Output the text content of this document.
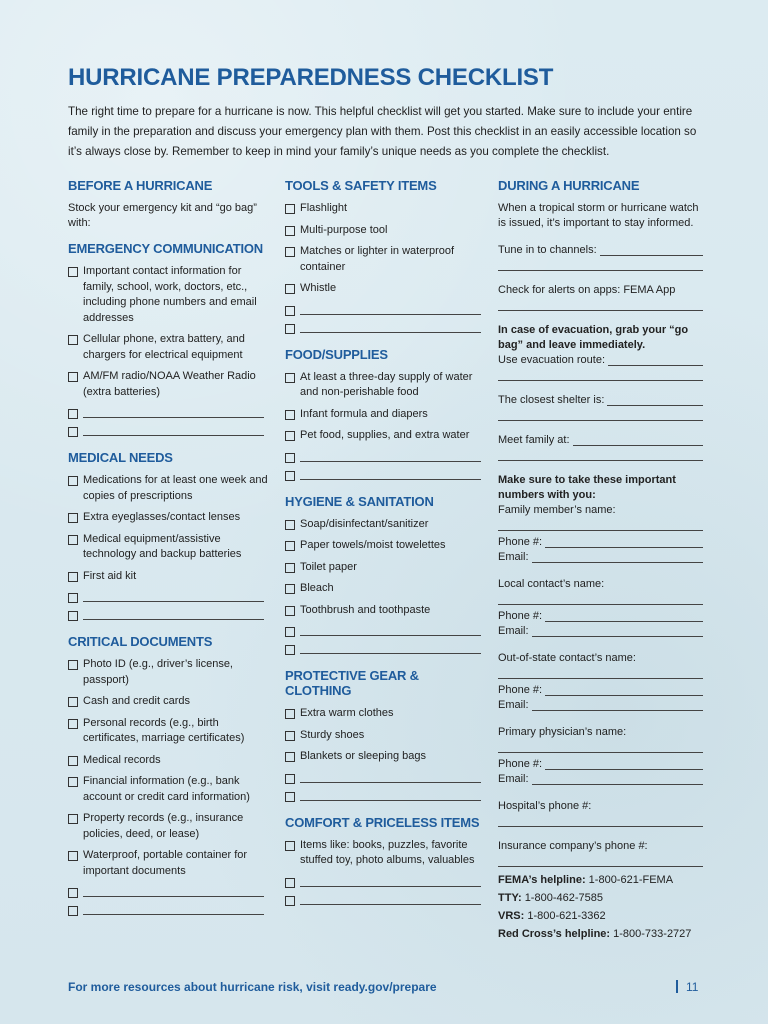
HURRICANE PREPAREDNESS CHECKLIST

The right time to prepare for a hurricane is now. This helpful checklist will get you started. Make sure to include your entire family in the preparation and discuss your emergency plan with them. Post this checklist in an easily accessible location so it’s always close by. Remember to keep in mind your family’s unique needs as you complete the checklist.

BEFORE A HURRICANE

Stock your emergency kit and “go bag” with:

EMERGENCY COMMUNICATION
Important contact information for family, school, work, doctors, etc., including phone numbers and email addresses
Cellular phone, extra battery, and chargers for electrical equipment
AM/FM radio/NOAA Weather Radio (extra batteries)
MEDICAL NEEDS
Medications for at least one week and copies of prescriptions
Extra eyeglasses/contact lenses
Medical equipment/assistive technology and backup batteries
First aid kit
CRITICAL DOCUMENTS
Photo ID (e.g., driver’s license, passport)
Cash and credit cards
Personal records (e.g., birth certificates, marriage certificates)
Medical records
Financial information (e.g., bank account or credit card information)
Property records (e.g., insurance policies, deed, or lease)
Waterproof, portable container for important documents
TOOLS & SAFETY ITEMS
Flashlight
Multi-purpose tool
Matches or lighter in waterproof container
Whistle
FOOD/SUPPLIES
At least a three-day supply of water and non-perishable food
Infant formula and diapers
Pet food, supplies, and extra water
HYGIENE & SANITATION
Soap/disinfectant/sanitizer
Paper towels/moist towelettes
Toilet paper
Bleach
Toothbrush and toothpaste
PROTECTIVE GEAR & CLOTHING
Extra warm clothes
Sturdy shoes
Blankets or sleeping bags
COMFORT & PRICELESS ITEMS
Items like: books, puzzles, favorite stuffed toy, photo albums, valuables
DURING A HURRICANE

When a tropical storm or hurricane watch is issued, it’s important to stay informed.

Tune in to channels:

Check for alerts on apps: FEMA App

In case of evacuation, grab your “go bag” and leave immediately.

Use evacuation route:
The closest shelter is:
Meet family at:

Make sure to take these important numbers with you:

Family member’s name:

Phone #:
Email:

Local contact’s name:

Phone #:
Email:

Out-of-state contact’s name:

Phone #:
Email:

Primary physician’s name:

Phone #:
Email:

Hospital’s phone #:

Insurance company’s phone #:

FEMA’s helpline: 1-800-621-FEMA

TTY: 1-800-462-7585

VRS: 1-800-621-3362

Red Cross’s helpline: 1-800-733-2727

For more resources about hurricane risk, visit ready.gov/prepare	11
